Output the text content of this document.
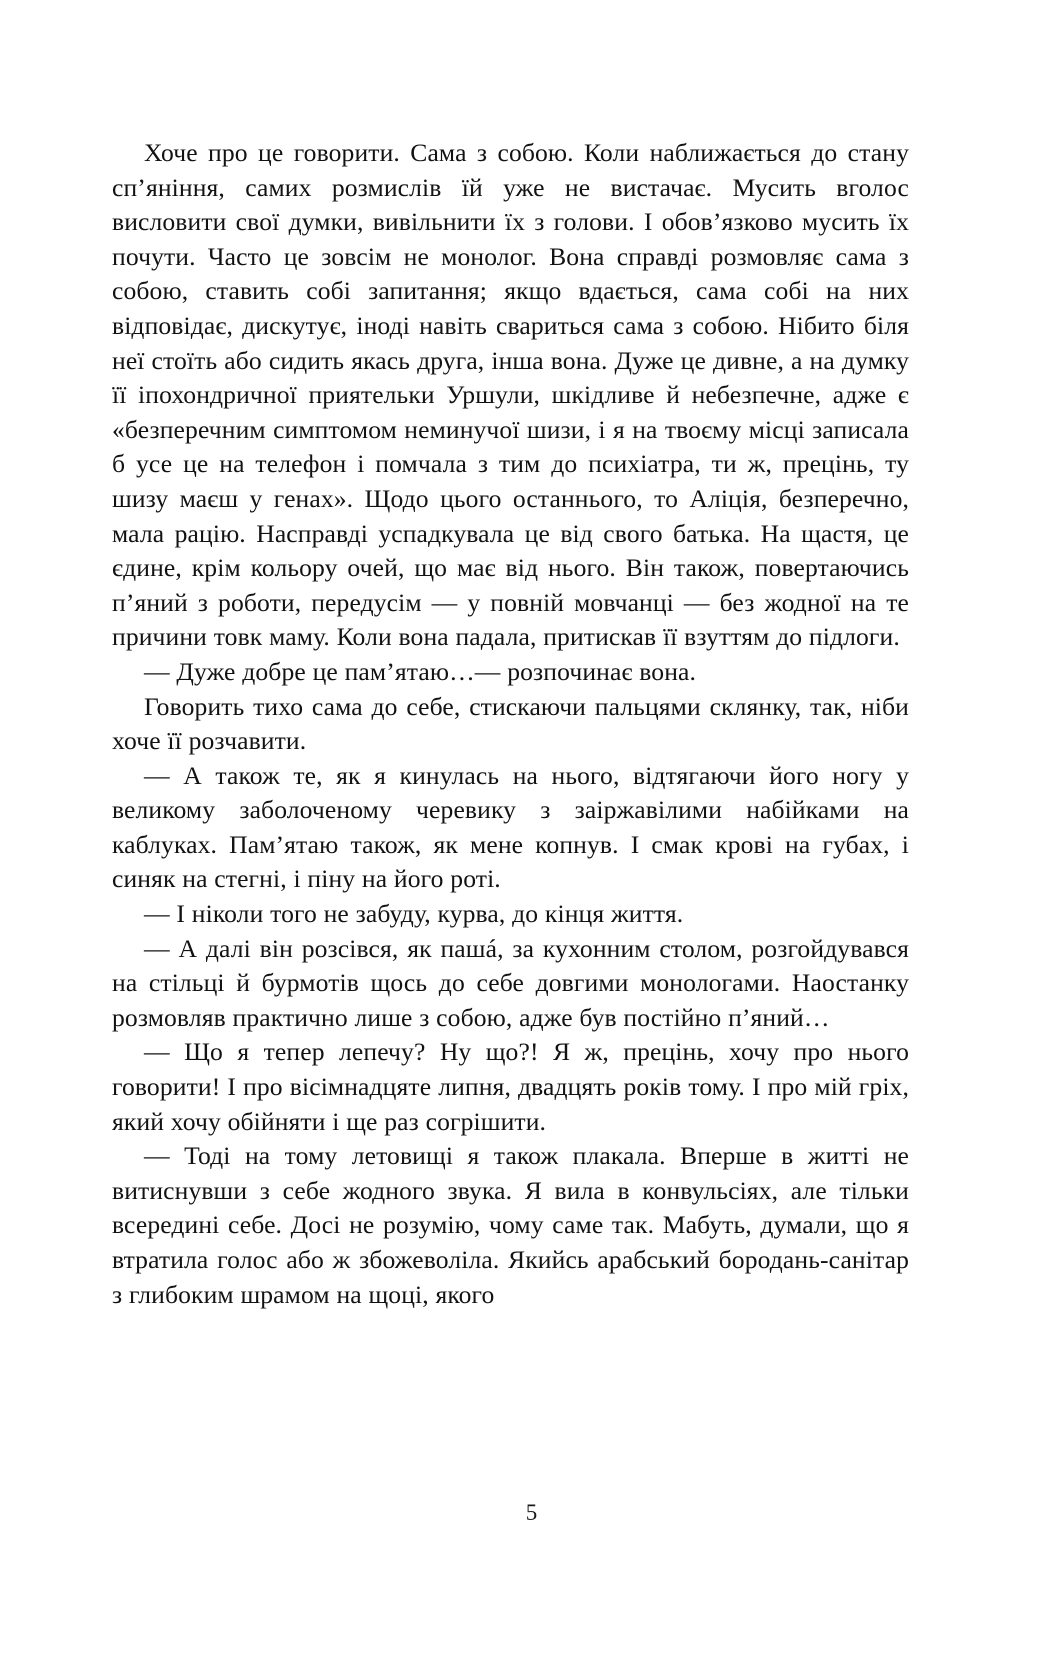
Хоче про це говорити. Сама з собою. Коли наближається до стану сп’яніння, самих розмислів їй уже не вистачає. Мусить вголос висловити свої думки, вивільнити їх з голови. І обов’язково мусить їх почути. Часто це зовсім не монолог. Вона справді розмовляє сама з собою, ставить собі запитання; якщо вдається, сама собі на них відповідає, дискутує, іноді навіть свариться сама з собою. Нібито біля неї стоїть або сидить якась друга, інша вона. Дуже це дивне, а на думку її іпохондричної приятельки Уршули, шкідливе й небезпечне, адже є «безперечним симптомом неминучої шизи, і я на твоєму місці записала б усе це на телефон і помчала з тим до психіатра, ти ж, прецінь, ту шизу маєш у генах». Щодо цього останнього, то Аліція, безперечно, мала рацію. Насправді успадкувала це від свого батька. На щастя, це єдине, крім кольору очей, що має від нього. Він також, повертаючись п’яний з роботи, передусім — у повній мовчанці — без жодної на те причини товк маму. Коли вона падала, притискав її взуттям до підлоги.

— Дуже добре це пам’ятаю…— розпочинає вона.

Говорить тихо сама до себе, стискаючи пальцями склянку, так, ніби хоче її розчавити.

— А також те, як я кинулась на нього, відтягаючи його ногу у великому заболоченому черевику з заіржавілими набійками на каблуках. Пам’ятаю також, як мене копнув. І смак крові на губах, і синяк на стегні, і піну на його роті.

— І ніколи того не забуду, курва, до кінця життя.

— А далі він розсівся, як пашá, за кухонним столом, розгойдувався на стільці й бурмотів щось до себе довгими монологами. Наостанку розмовляв практично лише з собою, адже був постійно п’яний…

— Що я тепер лепечу? Ну що?! Я ж, прецінь, хочу про нього говорити! І про вісімнадцяте липня, двадцять років тому. І про мій гріх, який хочу обійняти і ще раз согрішити.

— Тоді на тому летовищі я також плакала. Вперше в житті не витиснувши з себе жодного звука. Я вила в конвульсіях, але тільки всередині себе. Досі не розумію, чому саме так. Мабуть, думали, що я втратила голос або ж збожеволіла. Якийсь арабський бородань-санітар з глибоким шрамом на щоці, якого

5
